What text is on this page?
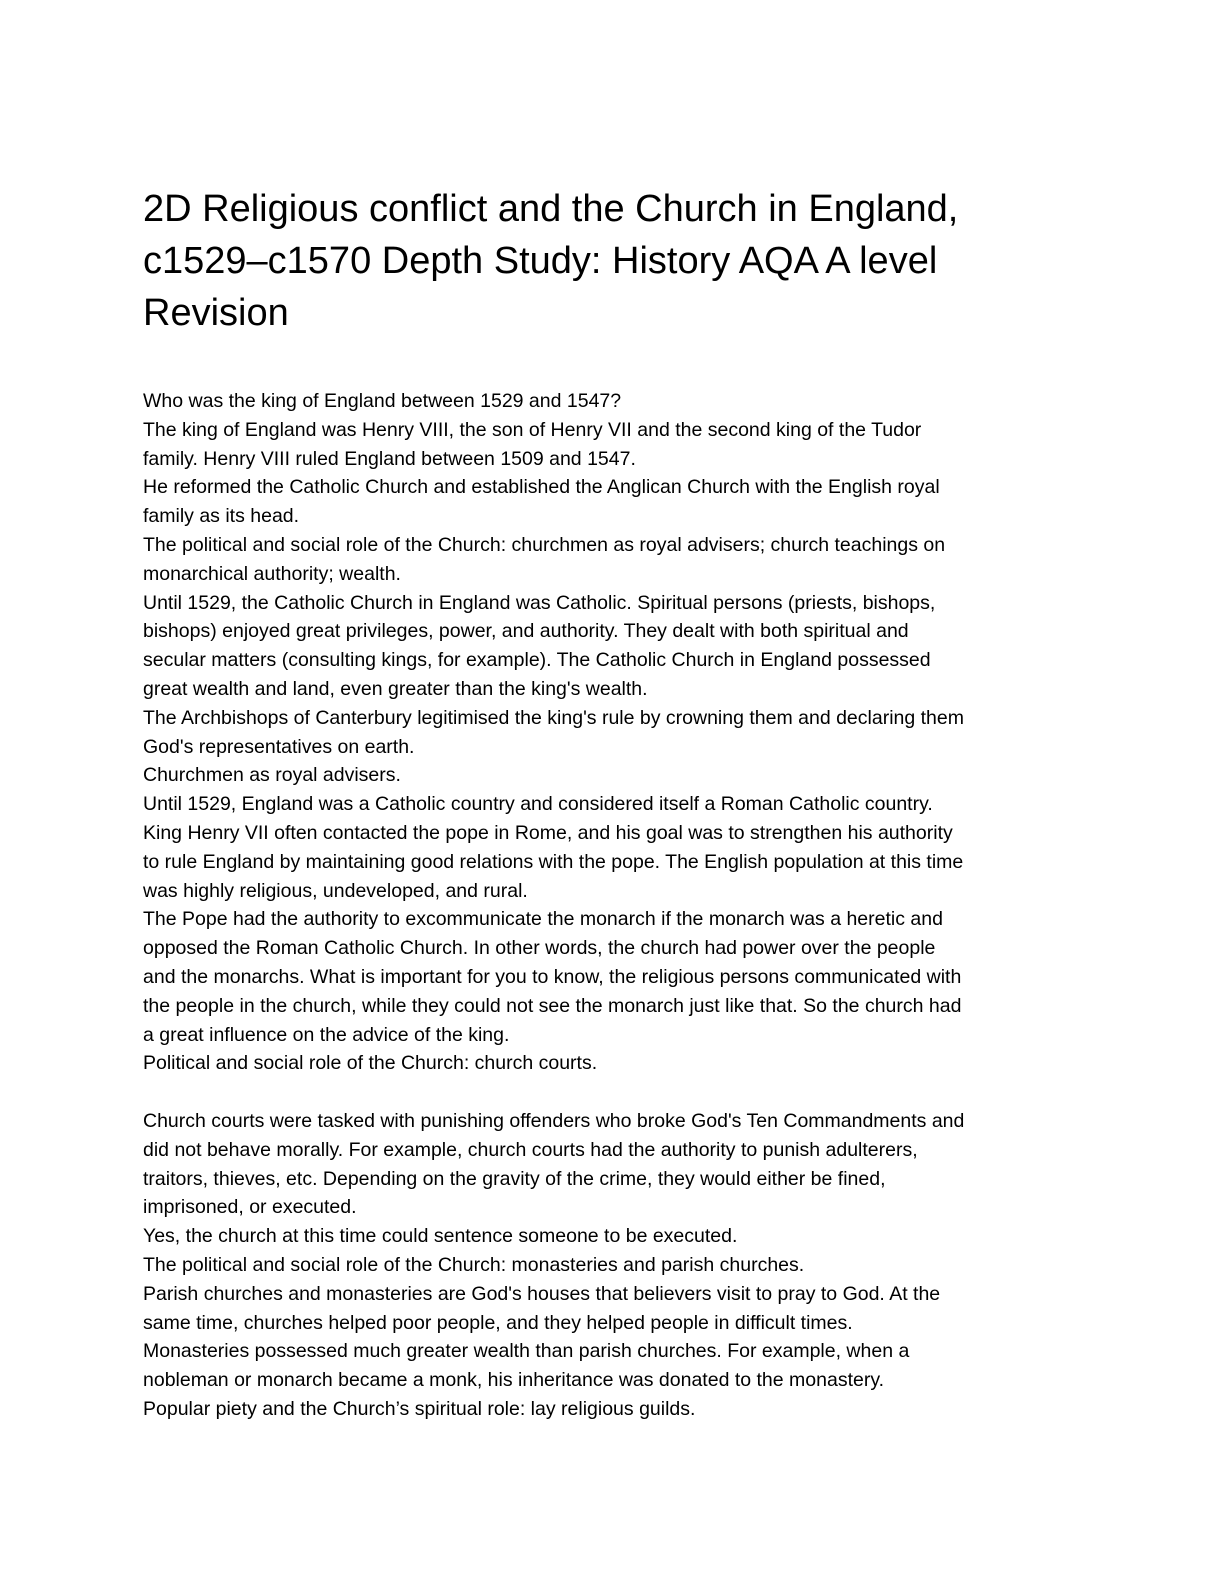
2D Religious conflict and the Church in England,
c1529–c1570 Depth Study: History AQA A level
Revision

Who was the king of England between 1529 and 1547?

The king of England was Henry VIII, the son of Henry VII and the second king of the Tudor

family. Henry VIII ruled England between 1509 and 1547.

He reformed the Catholic Church and established the Anglican Church with the English royal

family as its head.

The political and social role of the Church: churchmen as royal advisers; church teachings on

monarchical authority; wealth.

Until 1529, the Catholic Church in England was Catholic. Spiritual persons (priests, bishops,

bishops) enjoyed great privileges, power, and authority. They dealt with both spiritual and

secular matters (consulting kings, for example). The Catholic Church in England possessed

great wealth and land, even greater than the king's wealth.

The Archbishops of Canterbury legitimised the king's rule by crowning them and declaring them

God's representatives on earth.

Churchmen as royal advisers.

Until 1529, England was a Catholic country and considered itself a Roman Catholic country.

King Henry VII often contacted the pope in Rome, and his goal was to strengthen his authority

to rule England by maintaining good relations with the pope. The English population at this time

was highly religious, undeveloped, and rural.

The Pope had the authority to excommunicate the monarch if the monarch was a heretic and

opposed the Roman Catholic Church. In other words, the church had power over the people

and the monarchs. What is important for you to know, the religious persons communicated with

the people in the church, while they could not see the monarch just like that. So the church had

a great influence on the advice of the king.

Political and social role of the Church: church courts.

Church courts were tasked with punishing offenders who broke God's Ten Commandments and

did not behave morally. For example, church courts had the authority to punish adulterers,

traitors, thieves, etc. Depending on the gravity of the crime, they would either be fined,

imprisoned, or executed.

Yes, the church at this time could sentence someone to be executed.

The political and social role of the Church: monasteries and parish churches.

Parish churches and monasteries are God's houses that believers visit to pray to God. At the

same time, churches helped poor people, and they helped people in difficult times.

Monasteries possessed much greater wealth than parish churches. For example, when a

nobleman or monarch became a monk, his inheritance was donated to the monastery.

Popular piety and the Church’s spiritual role: lay religious guilds.
